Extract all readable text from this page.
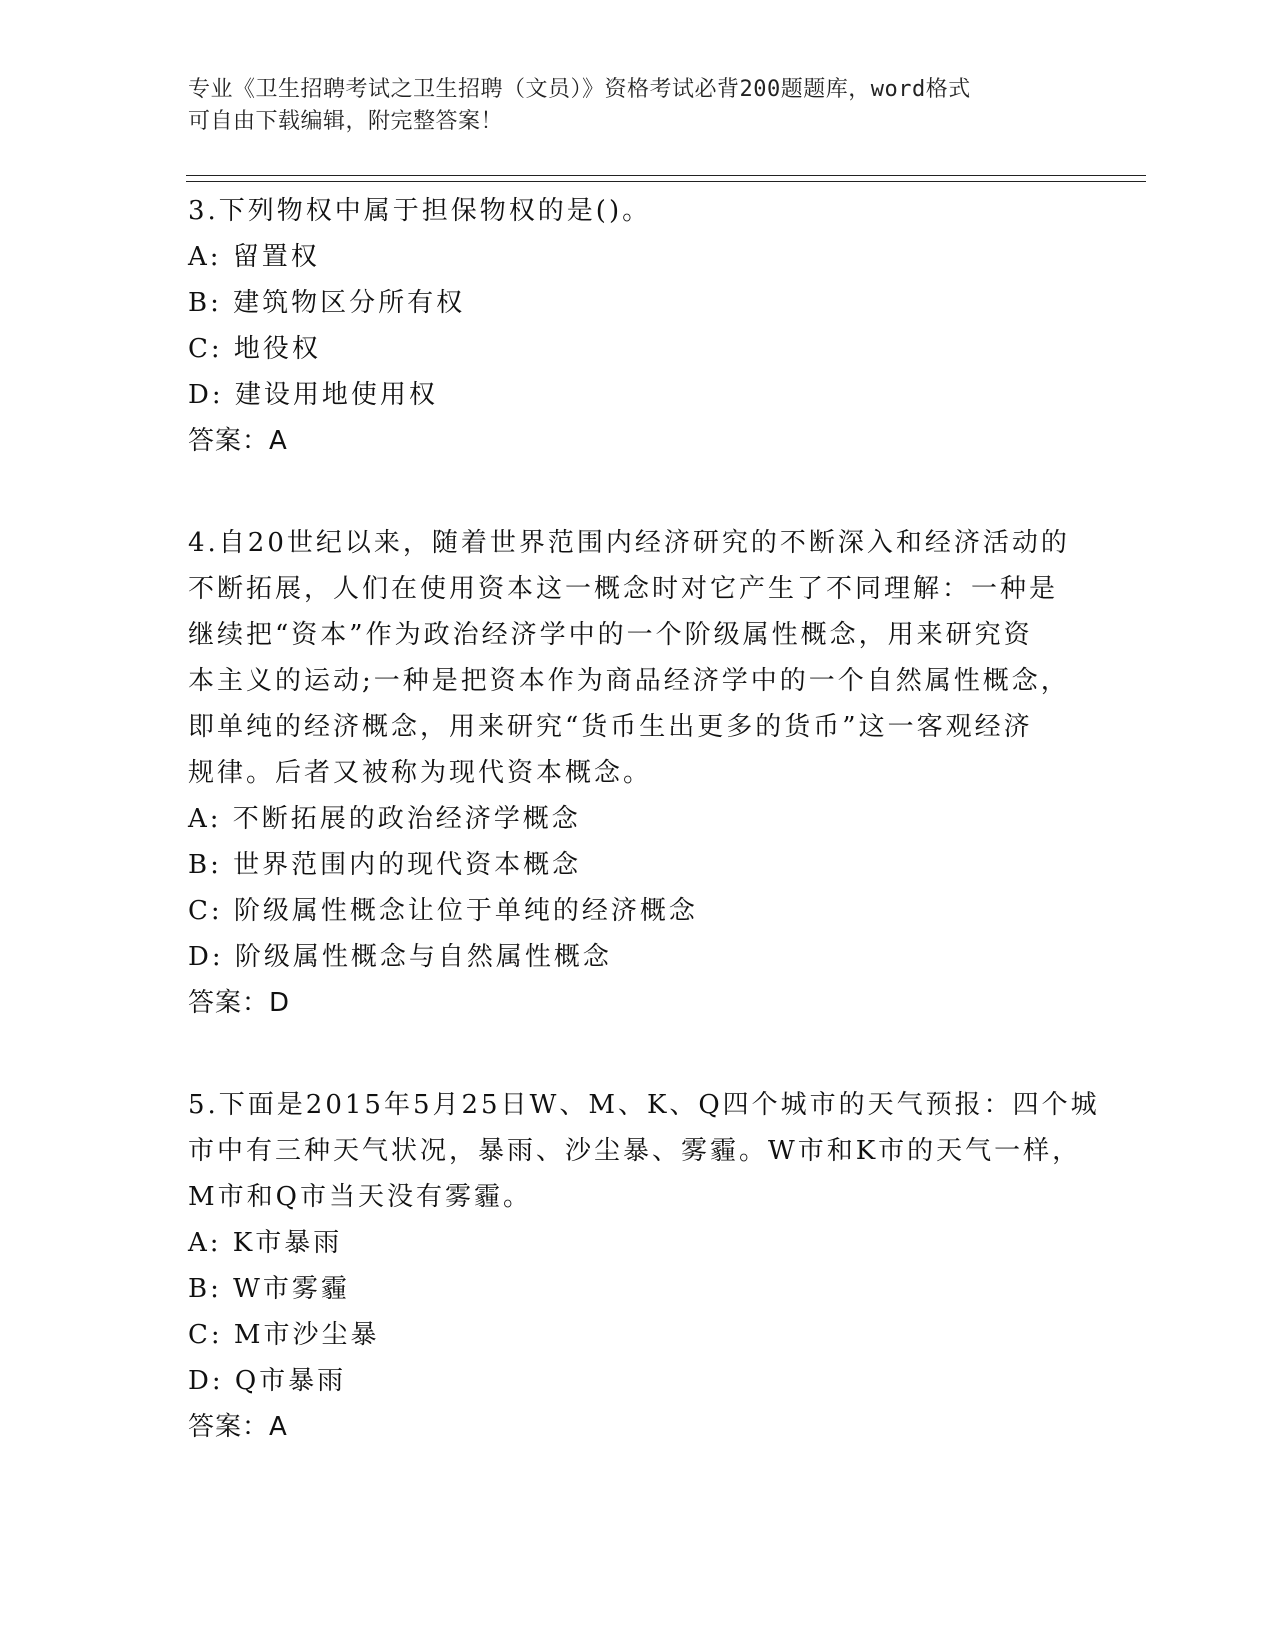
专业《卫生招聘考试之卫生招聘（文员）》资格考试必背200题题库，word格式
可自由下载编辑，附完整答案！
3.下列物权中属于担保物权的是()。
A: 留置权
B: 建筑物区分所有权
C: 地役权
D: 建设用地使用权
答案：A
4.自20世纪以来，随着世界范围内经济研究的不断深入和经济活动的
不断拓展，人们在使用资本这一概念时对它产生了不同理解：一种是
继续把“资本”作为政治经济学中的一个阶级属性概念，用来研究资
本主义的运动;一种是把资本作为商品经济学中的一个自然属性概念，
即单纯的经济概念，用来研究“货币生出更多的货币”这一客观经济
规律。后者又被称为现代资本概念。
A: 不断拓展的政治经济学概念
B: 世界范围内的现代资本概念
C: 阶级属性概念让位于单纯的经济概念
D: 阶级属性概念与自然属性概念
答案：D
5.下面是2015年5月25日W、M、K、Q四个城市的天气预报：四个城
市中有三种天气状况，暴雨、沙尘暴、雾霾。W市和K市的天气一样，
M市和Q市当天没有雾霾。
A: K市暴雨
B: W市雾霾
C: M市沙尘暴
D: Q市暴雨
答案：A
